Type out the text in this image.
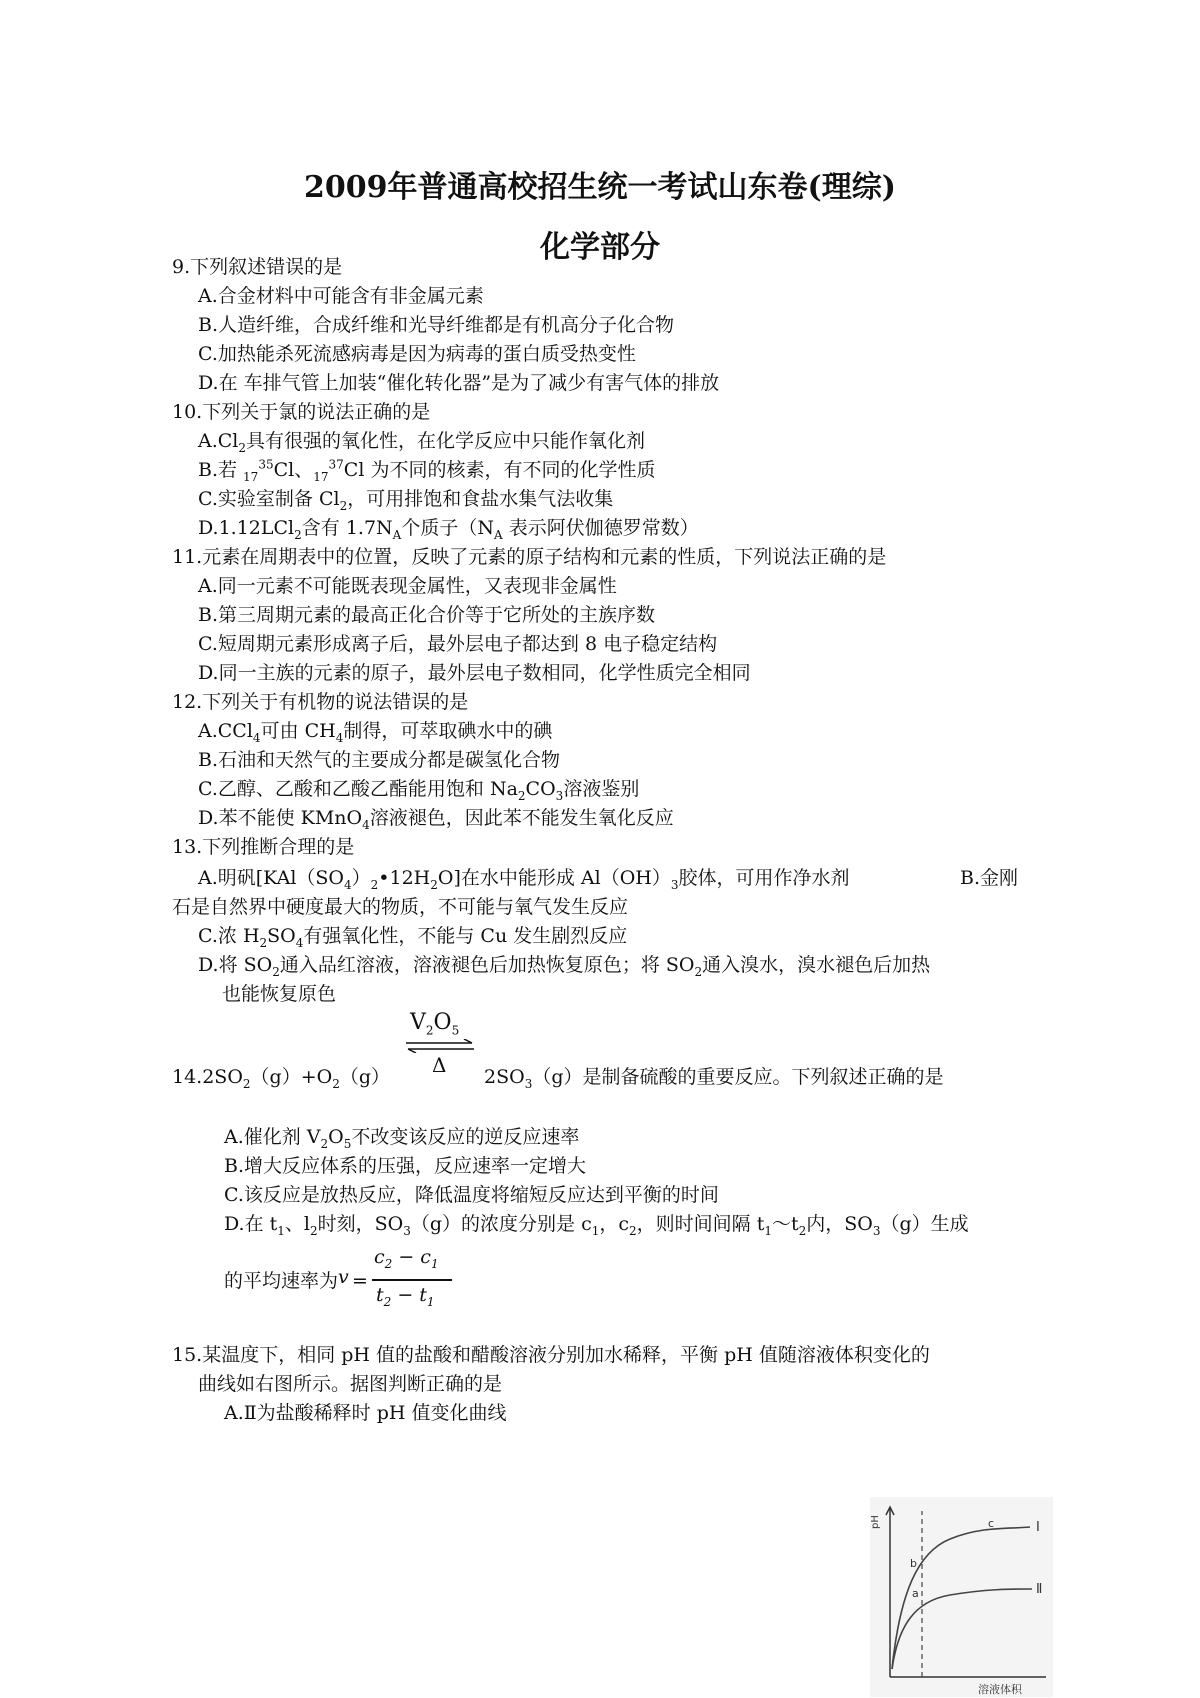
2009年普通高校招生统一考试山东卷(理综)
化学部分
9.下列叙述错误的是
A.合金材料中可能含有非金属元素
B.人造纤维，合成纤维和光导纤维都是有机高分子化合物
C.加热能杀死流感病毒是因为病毒的蛋白质受热变性
D.在 车排气管上加装“催化转化器”是为了减少有害气体的排放
10.下列关于氯的说法正确的是
$A.Cl_2$具有很强的氧化性，在化学反应中只能作氧化剂
B.若 $_{17}^{35}$Cl、$_{17}^{37}$Cl 为不同的核素，有不同的化学性质
C.实验室制备 $Cl_2$，可用排饱和食盐水集气法收集
D.1.12LCl$_2$含有 $1.7N_A$个质子（$N_A$ 表示阿伏伽德罗常数）
11.元素在周期表中的位置，反映了元素的原子结构和元素的性质，下列说法正确的是
A.同一元素不可能既表现金属性，又表现非金属性
B.第三周期元素的最高正化合价等于它所处的主族序数
C.短周期元素形成离子后，最外层电子都达到 8 电子稳定结构
D.同一主族的元素的原子，最外层电子数相同，化学性质完全相同
12.下列关于有机物的说法错误的是
A.CCl$_4$可由 $CH_4$制得，可萃取碘水中的碘
B.石油和天然气的主要成分都是碳氢化合物
C.乙醇、乙酸和乙酸乙酯能用饱和 $Na_2CO_3$溶液鉴别
D.苯不能使 KMnO$_4$溶液褪色，因此苯不能发生氧化反应
13.下列推断合理的是
A.明矾$[KAl(SO_4)_2•12H_2O]$在水中能形成 $Al(OH)_3$胶体，可用作净水剂	B.金刚
石是自然界中硬度最大的物质，不可能与氧气发生反应
C.浓 $H_2SO_4$有强氧化性，不能与 Cu 发生剧烈反应
D.将 $SO_2$通入品红溶液，溶液褪色后加热恢复原色；将 $SO_2$通入溴水，溴水褪色后加热
也能恢复原色
$V_2O_5$
Δ
$14.2SO_2(g)+O_2(g)$	$2SO_3(g)$是制备硫酸的重要反应。下列叙述正确的是
A.催化剂 $V_2O_5$不改变该反应的逆反应速率
B.增大反应体系的压强，反应速率一定增大
C.该反应是放热反应，降低温度将缩短反应达到平衡的时间
D.在 $t_1$、$l_2$时刻，$SO_3(g)$的浓度分别是 $c_1$，$c_2$，则时间间隔 $t_1\sim t_2$内，$SO_3(g)$生成
的平均速率为 v =
$c_2 - c_1$
$t_2 - t_1$
15.某温度下，相同 pH 值的盐酸和醋酸溶液分别加水稀释，平衡 pH 值随溶液体积变化的
曲线如右图所示。据图判断正确的是
A.Ⅱ为盐酸稀释时 pH 值变化曲线
pH
溶液体积
Ⅰ
Ⅱ
a
b
c
